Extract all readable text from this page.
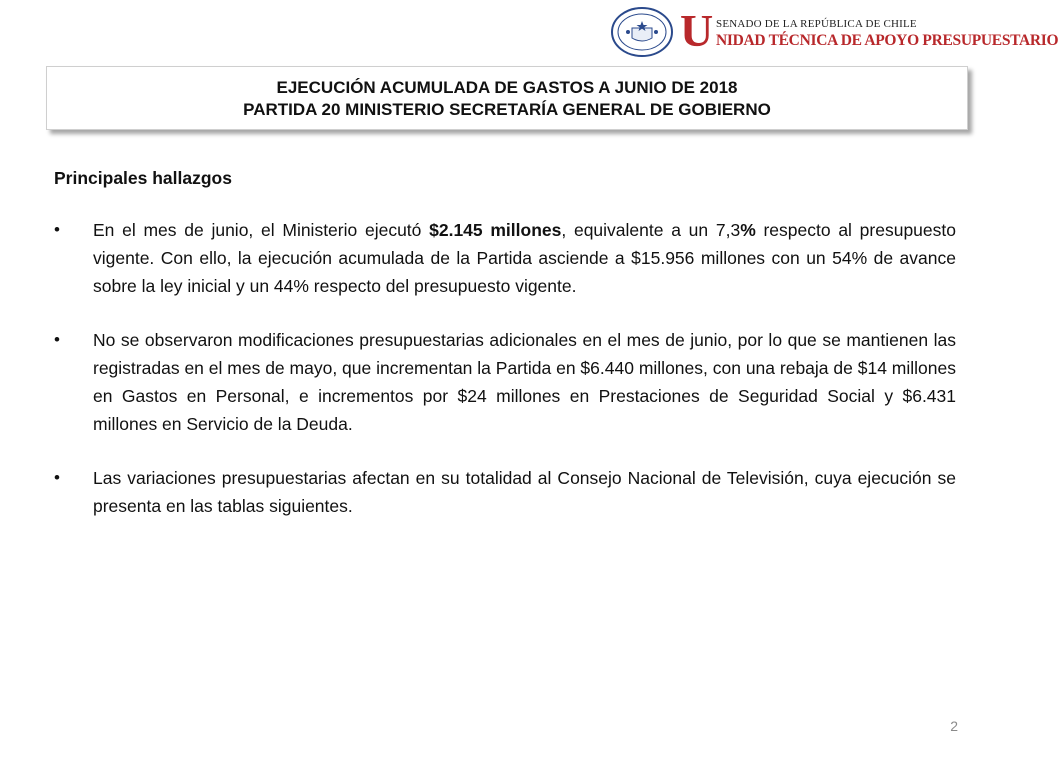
U SENADO DE LA REPÚBLICA DE CHILE
NIDAD TÉCNICA DE APOYO PRESUPUESTARIO
EJECUCIÓN ACUMULADA DE GASTOS A JUNIO DE 2018
PARTIDA 20 MINISTERIO SECRETARÍA GENERAL DE GOBIERNO
Principales hallazgos
• En el mes de junio, el Ministerio ejecutó $2.145 millones, equivalente a un 7,3% respecto al presupuesto vigente. Con ello, la ejecución acumulada de la Partida asciende a $15.956 millones con un 54% de avance sobre la ley inicial y un 44% respecto del presupuesto vigente.
• No se observaron modificaciones presupuestarias adicionales en el mes de junio, por lo que se mantienen las registradas en el mes de mayo, que incrementan la Partida en $6.440 millones, con una rebaja de $14 millones en Gastos en Personal, e incrementos por $24 millones en Prestaciones de Seguridad Social y $6.431 millones en Servicio de la Deuda.
• Las variaciones presupuestarias afectan en su totalidad al Consejo Nacional de Televisión, cuya ejecución se presenta en las tablas siguientes.
2
